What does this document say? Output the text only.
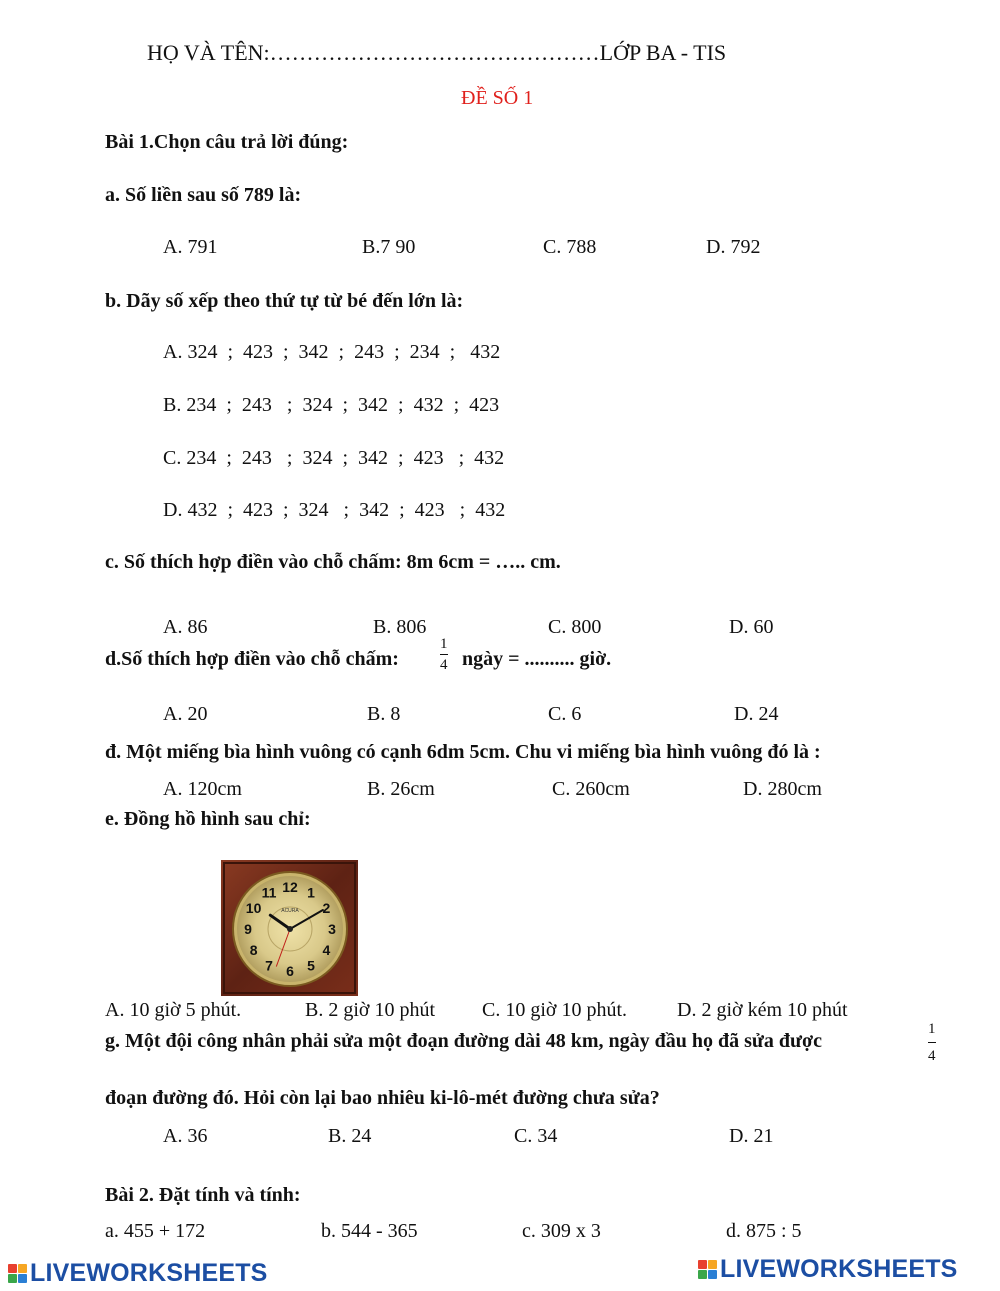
HỌ VÀ TÊN:………………………………………LỚP BA - TIS
ĐỀ SỐ 1
Bài 1.Chọn câu trả lời đúng:
a. Số liền sau số 789 là:
A. 791	B.7 90	C. 788	D. 792
b. Dãy số xếp theo thứ tự từ bé đến lớn là:
A. 324  ;  423  ;  342  ;  243  ;  234  ;   432
B. 234  ;  243   ;  324  ;  342  ;  432  ;  423
C. 234  ;  243   ;  324  ;  342  ;  423   ;  432
D. 432  ;  423  ;  324   ;  342  ;  423   ;  432
c. Số thích hợp điền vào chỗ chấm: 8m 6cm = ….. cm.
A. 86	B. 806	C. 800	D. 60
d.Số thích hợp điền vào chỗ chấm:
1
4 ngày = .......... giờ.
A. 20	B. 8	C. 6	D. 24
đ. Một miếng bìa hình vuông có cạnh 6dm 5cm. Chu vi miếng bìa hình vuông đó là :
A. 120cm	B. 26cm	C. 260cm	D. 280cm
e. Đồng hồ hình sau chỉ:
ACURA
12 1
2
3
4
5
6
7
8
9
10
11
A. 10 giờ 5 phút.	B. 2 giờ 10 phút C. 10 giờ 10 phút. D. 2 giờ kém 10 phút
g. Một đội công nhân phải sửa một đoạn đường dài 48 km, ngày đầu họ đã sửa được
1
4
đoạn đường đó. Hỏi còn lại bao nhiêu ki-lô-mét đường chưa sửa?
A. 36	B. 24	C. 34	D. 21
Bài 2. Đặt tính và tính:
a. 455 + 172	b. 544 - 365	c. 309 x 3	d. 875 : 5
LIVEWORKSHEETS	LIVEWORKSHEETS
